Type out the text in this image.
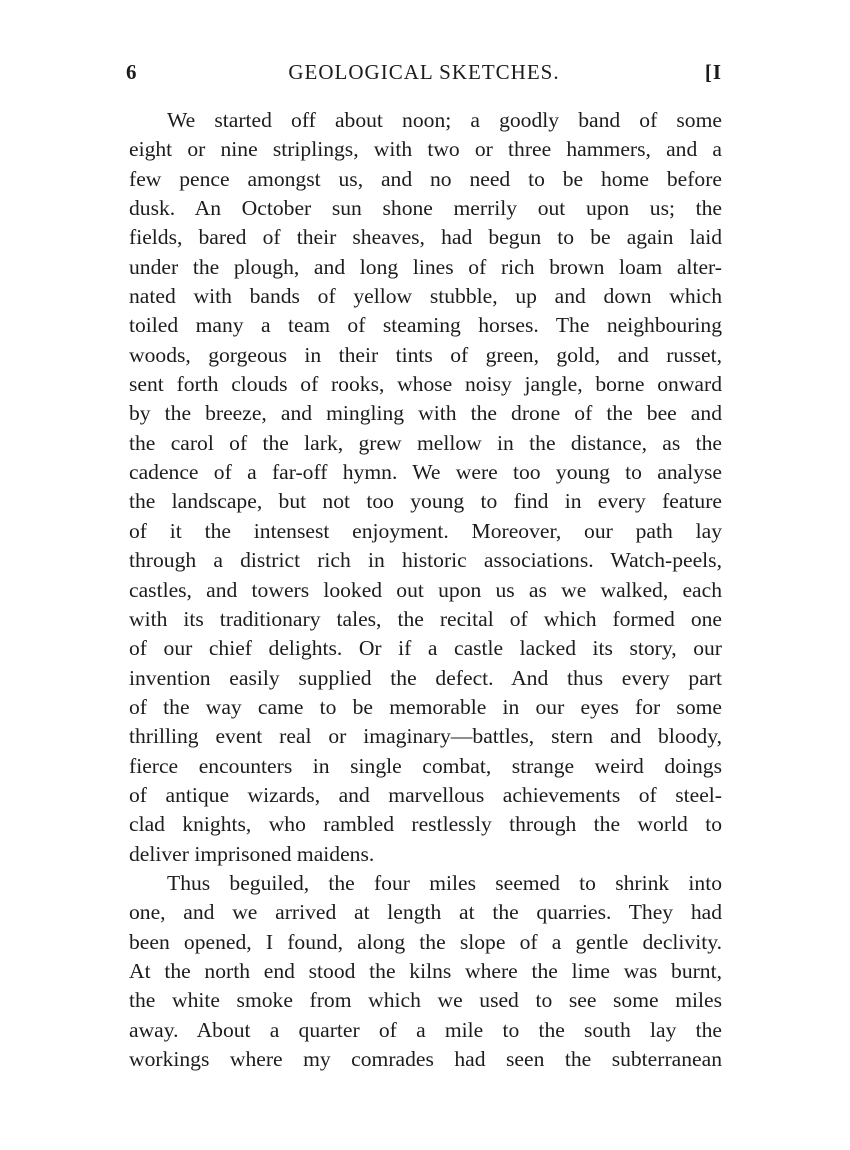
6	GEOLOGICAL SKETCHES.	[I
We started off about noon; a goodly band of some
eight or nine striplings, with two or three hammers, and a
few pence amongst us, and no need to be home before
dusk. An October sun shone merrily out upon us; the
fields, bared of their sheaves, had begun to be again laid
under the plough, and long lines of rich brown loam alter-
nated with bands of yellow stubble, up and down which
toiled many a team of steaming horses. The neighbouring
woods, gorgeous in their tints of green, gold, and russet,
sent forth clouds of rooks, whose noisy jangle, borne onward
by the breeze, and mingling with the drone of the bee and
the carol of the lark, grew mellow in the distance, as the
cadence of a far-off hymn. We were too young to analyse
the landscape, but not too young to find in every feature
of it the intensest enjoyment. Moreover, our path lay
through a district rich in historic associations. Watch-peels,
castles, and towers looked out upon us as we walked, each
with its traditionary tales, the recital of which formed one
of our chief delights. Or if a castle lacked its story, our
invention easily supplied the defect. And thus every part
of the way came to be memorable in our eyes for some
thrilling event real or imaginary—battles, stern and bloody,
fierce encounters in single combat, strange weird doings
of antique wizards, and marvellous achievements of steel-
clad knights, who rambled restlessly through the world to
deliver imprisoned maidens.
Thus beguiled, the four miles seemed to shrink into
one, and we arrived at length at the quarries. They had
been opened, I found, along the slope of a gentle declivity.
At the north end stood the kilns where the lime was burnt,
the white smoke from which we used to see some miles
away. About a quarter of a mile to the south lay the
workings where my comrades had seen the subterranean
